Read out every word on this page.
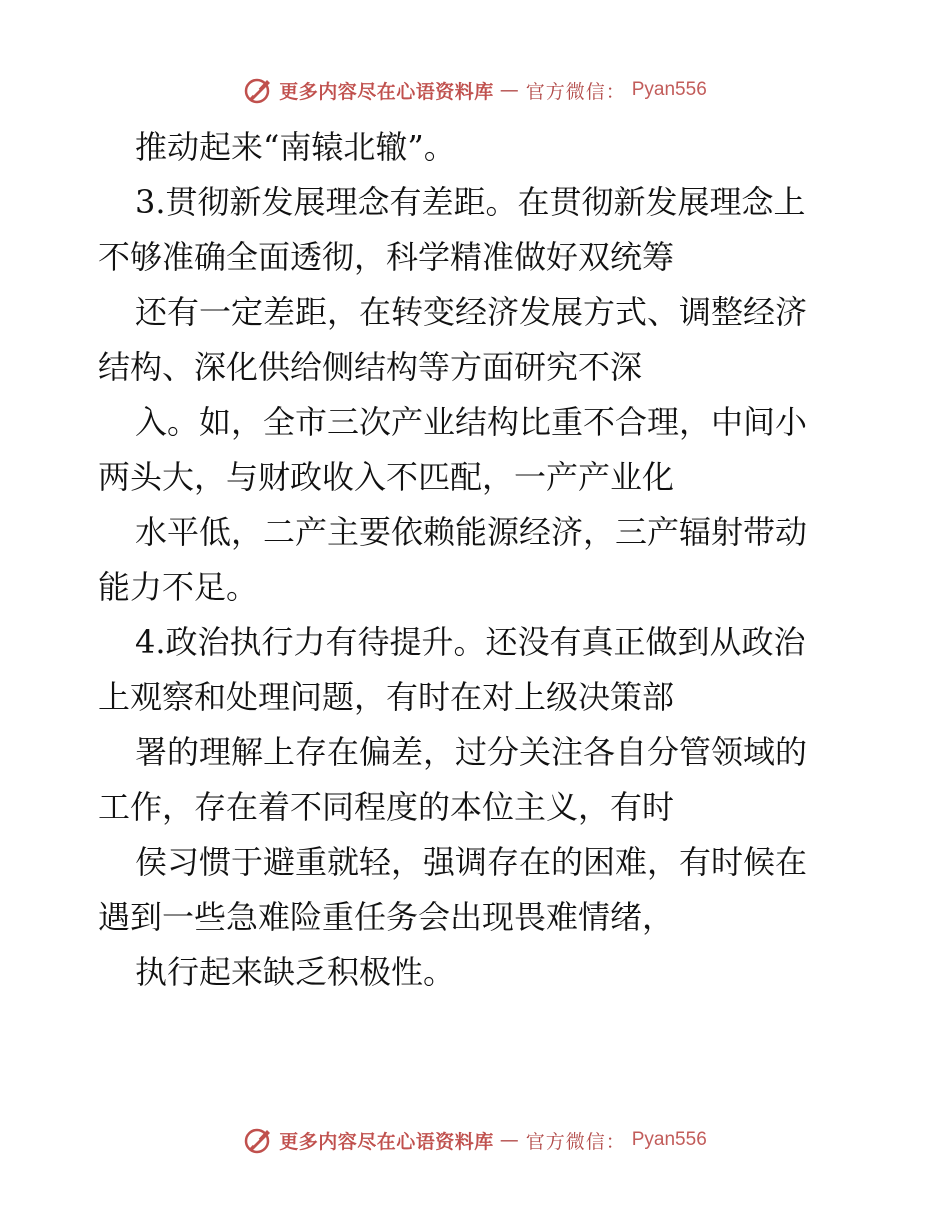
更多内容尽在心语资料库 — 官方微信： Pyan556

推动起来“南辕北辙”。

3.贯彻新发展理念有差距。在贯彻新发展理念上

不够准确全面透彻，科学精准做好双统筹

还有一定差距，在转变经济发展方式、调整经济

结构、深化供给侧结构等方面研究不深

入。如，全市三次产业结构比重不合理，中间小

两头大，与财政收入不匹配，一产产业化

水平低，二产主要依赖能源经济，三产辐射带动

能力不足。

4.政治执行力有待提升。还没有真正做到从政治

上观察和处理问题，有时在对上级决策部

署的理解上存在偏差，过分关注各自分管领域的

工作，存在着不同程度的本位主义，有时

侯习惯于避重就轻，强调存在的困难，有时候在

遇到一些急难险重任务会出现畏难情绪，

执行起来缺乏积极性。

更多内容尽在心语资料库 — 官方微信： Pyan556
